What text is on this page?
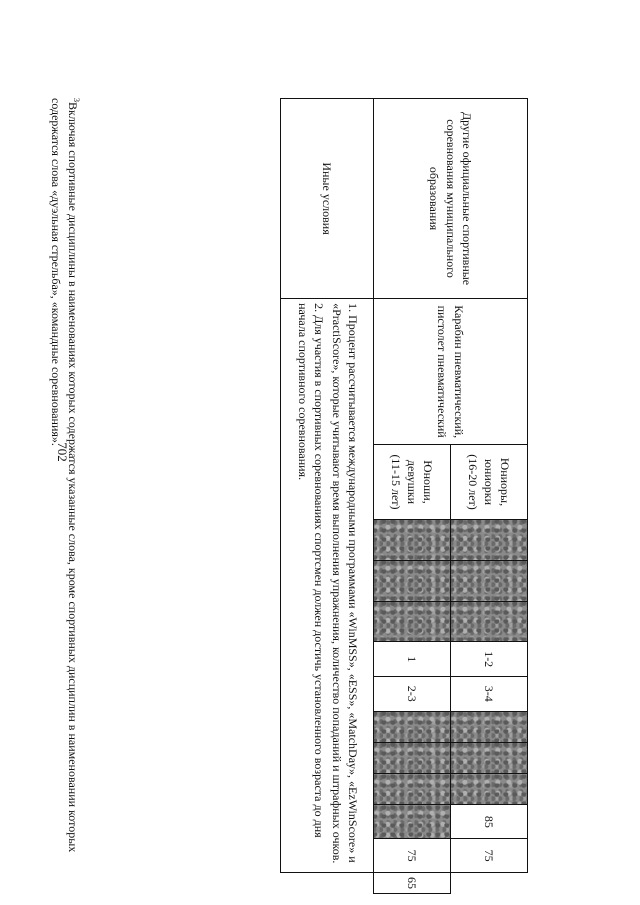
702
Другие официальные спортивные соревнования муниципального образования	Карабин пневматический, пистолет пневматический	Юниоры, юниорки (16-20 лет)				1-2	3-4				85	75	
		Юноши, девушки (11-15 лет)				1	2-3					75	65
Иные условия	1. Процент рассчитывается международными программами «WinMSS», «ESS», «MatchDay», «EzWinScore» и «PractiScore», которые учитывают время выполнения упражнения, количество попаданий и штрафных очков.

2. Для участия в спортивных соревнованиях спортсмен должен достичь установленного возраста до дня начала спортивного соревнования.												

$^3$Включая спортивные дисциплины в наименованиях которых содержатся указанные слова, кроме спортивных дисциплин в наименовании которых содержатся слова «дуэльная стрельба», «командные соревнования».
